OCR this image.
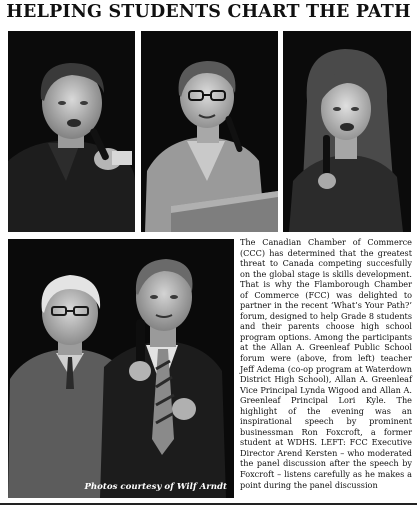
HELPING STUDENTS CHART THE PATH
Photos courtesy of Wilf Arndt

The Canadian Chamber of Commerce (CCC) has determined that the greatest threat to Canada competing succesfully on the global stage is skills development. That is why the Flamborough Chamber of Commerce (FCC) was delighted to partner in the recent ‘What’s Your Path?’ forum, designed to help Grade 8 students and their parents choose high school program options. Among the participants at the Allan A. Greenleaf Public School forum were (above, from left) teacher Jeff Adema (co-op program at Waterdown District High School), Allan A. Greenleaf Vice Principal Lynda Wigood and Allan A. Greenleaf Principal Lori Kyle. The highlight of the evening was an inspirational speech by prominent businessman Ron Foxcroft, a former student at WDHS. LEFT: FCC Executive Director Arend Kersten – who moderated the panel discussion after the speech by Foxcroft – listens carefully as he makes a point during the panel discussion
